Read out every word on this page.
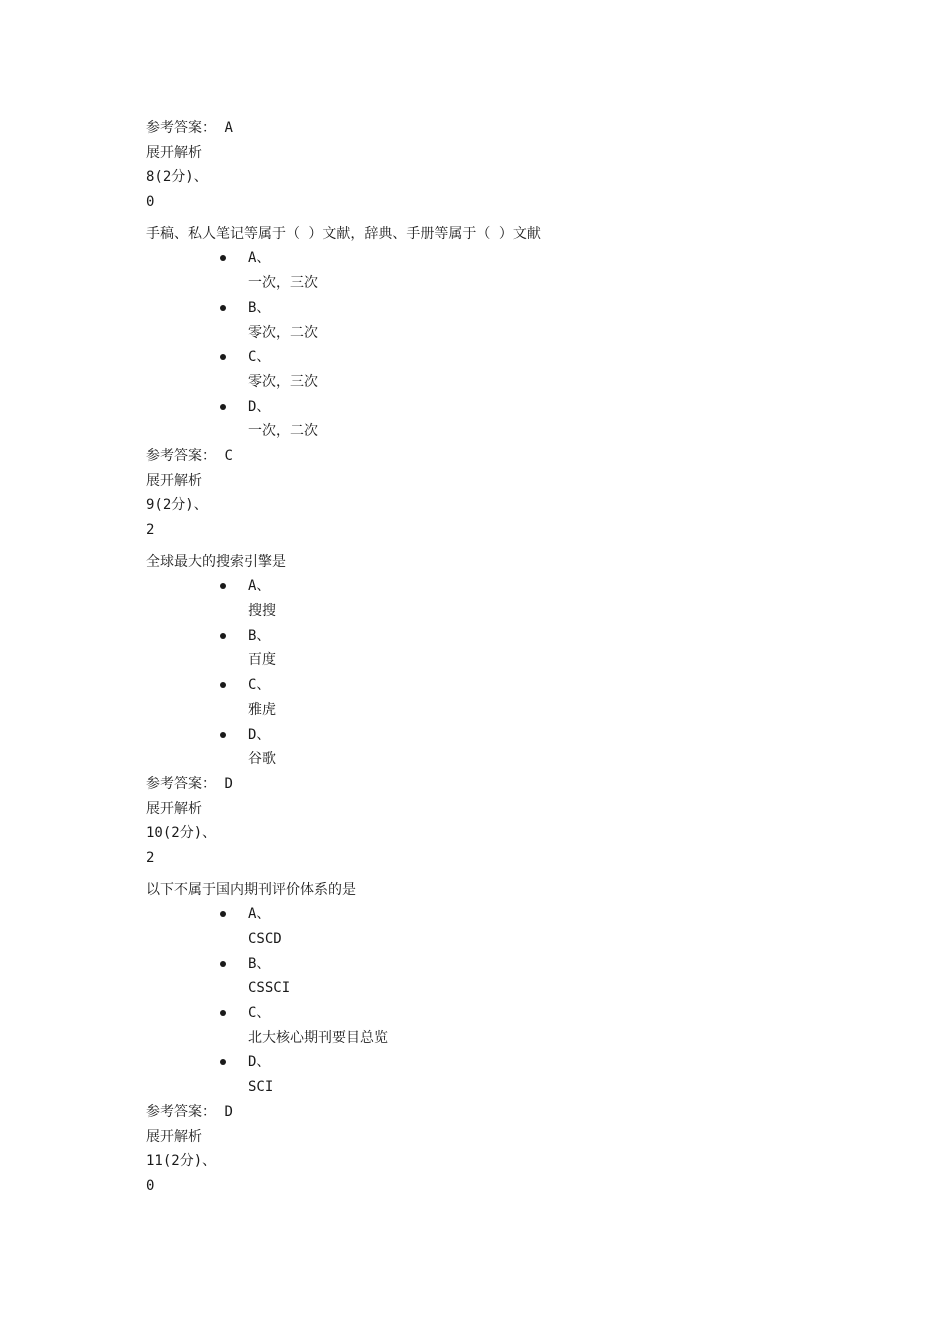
参考答案： A
展开解析
8(2分)、
0
手稿、私人笔记等属于（ ）文献，辞典、手册等属于（ ）文献
A、
一次，三次
B、
零次，二次
C、
零次，三次
D、
一次，二次
参考答案： C
展开解析
9(2分)、
2
全球最大的搜索引擎是
A、
搜搜
B、
百度
C、
雅虎
D、
谷歌
参考答案： D
展开解析
10(2分)、
2
以下不属于国内期刊评价体系的是
A、
CSCD
B、
CSSCI
C、
北大核心期刊要目总览
D、
SCI
参考答案： D
展开解析
11(2分)、
0
